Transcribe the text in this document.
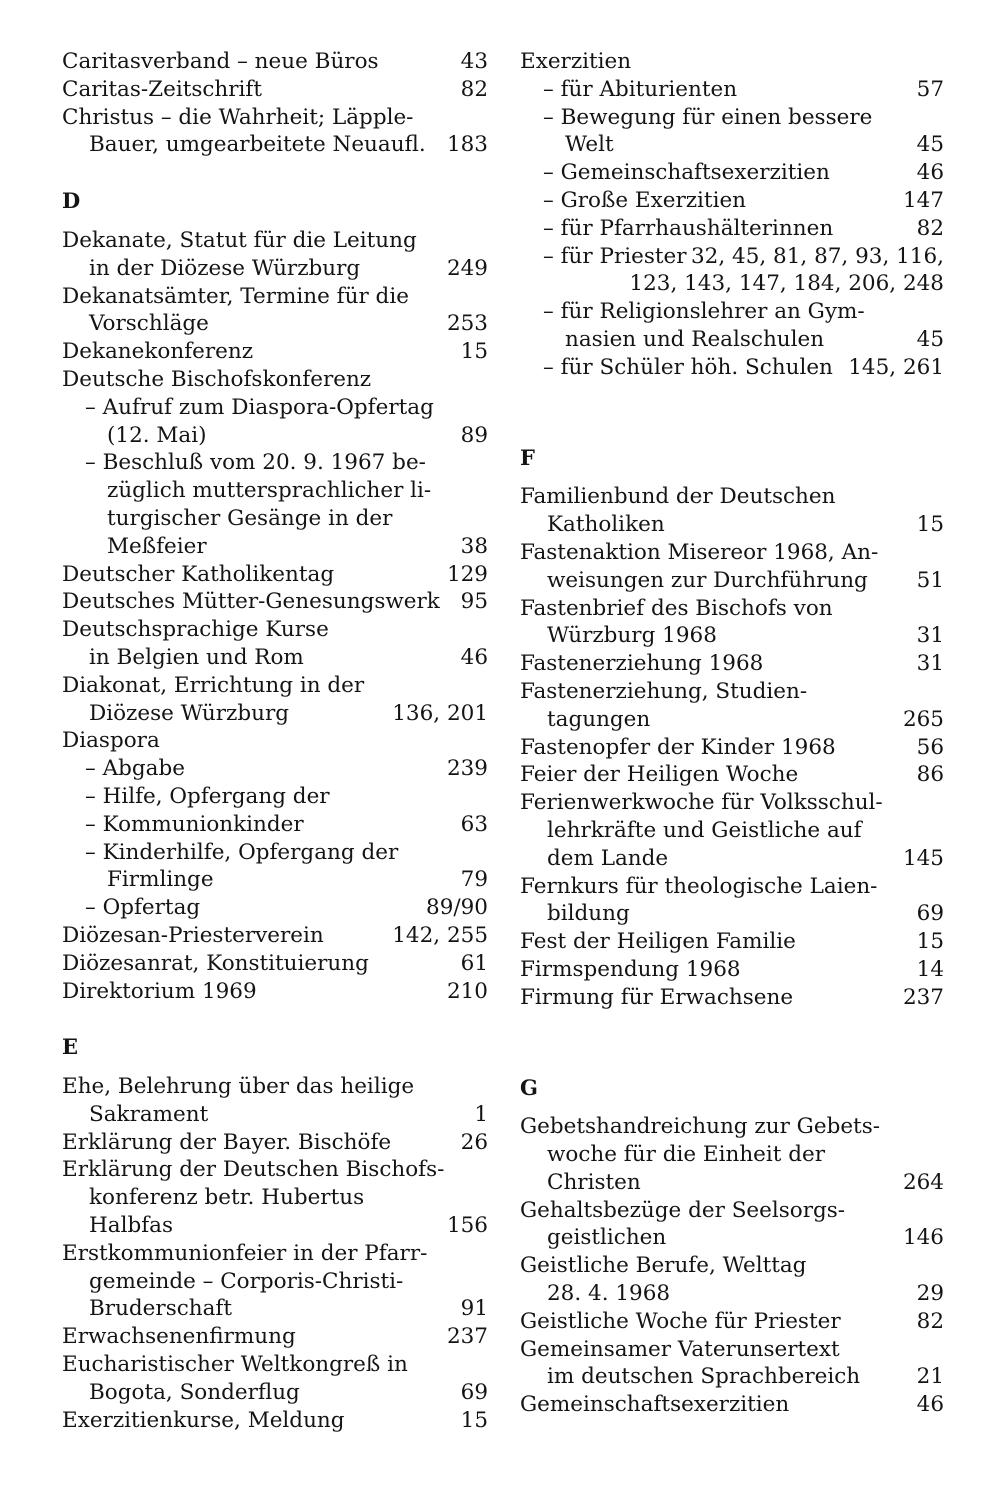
Caritasverband – neue Büros	43
Caritas-Zeitschrift	82
Christus – die Wahrheit; Läpple-
Bauer, umgearbeitete Neuaufl. 183
D
Dekanate, Statut für die Leitung
in der Diözese Würzburg	249
Dekanatsämter, Termine für die
Vorschläge	253
Dekanekonferenz	15
Deutsche Bischofskonferenz
– Aufruf zum Diaspora-Opfertag
(12. Mai)	89
– Beschluß vom 20. 9. 1967 be-
züglich muttersprachlicher li-
turgischer Gesänge in der
Meßfeier	38
Deutscher Katholikentag	129
Deutsches Mütter-Genesungswerk 95
Deutschsprachige Kurse
in Belgien und Rom	46
Diakonat, Errichtung in der
Diözese Würzburg	136, 201
Diaspora
– Abgabe	239
– Hilfe, Opfergang der
– Kommunionkinder	63
– Kinderhilfe, Opfergang der
Firmlinge	79
– Opfertag	89/90
Diözesan-Priesterverein	142, 255
Diözesanrat, Konstituierung	61
Direktorium 1969	210
E
Ehe, Belehrung über das heilige
Sakrament	1
Erklärung der Bayer. Bischöfe	26
Erklärung der Deutschen Bischofs-
konferenz betr. Hubertus
Halbfas	156
Erstkommunionfeier in der Pfarr-
gemeinde – Corporis-Christi-
Bruderschaft	91
Erwachsenenfirmung	237
Eucharistischer Weltkongreß in
Bogota, Sonderflug	69
Exerzitienkurse, Meldung	15
Exerzitien
– für Abiturienten	57
– Bewegung für einen bessere
Welt	45
– Gemeinschaftsexerzitien	46
– Große Exerzitien	147
– für Pfarrhaushälterinnen	82
– für Priester 32, 45, 81, 87, 93, 116,
123, 143, 147, 184, 206, 248

– für Religionslehrer an Gym-
nasien und Realschulen	45
– für Schüler höh. Schulen 145, 261
F
Familienbund der Deutschen
Katholiken	15
Fastenaktion Misereor 1968, An-
weisungen zur Durchführung 51
Fastenbrief des Bischofs von
Würzburg 1968	31
Fastenerziehung 1968	31
Fastenerziehung, Studien-
tagungen	265
Fastenopfer der Kinder 1968	56
Feier der Heiligen Woche	86
Ferienwerkwoche für Volksschul-
lehrkräfte und Geistliche auf
dem Lande	145
Fernkurs für theologische Laien-
bildung	69
Fest der Heiligen Familie	15
Firmspendung 1968	14
Firmung für Erwachsene	237
G
Gebetshandreichung zur Gebets-
woche für die Einheit der
Christen	264
Gehaltsbezüge der Seelsorgs-
geistlichen	146
Geistliche Berufe, Welttag
28. 4. 1968	29
Geistliche Woche für Priester	82
Gemeinsamer Vaterunsertext
im deutschen Sprachbereich	21
Gemeinschaftsexerzitien	46
